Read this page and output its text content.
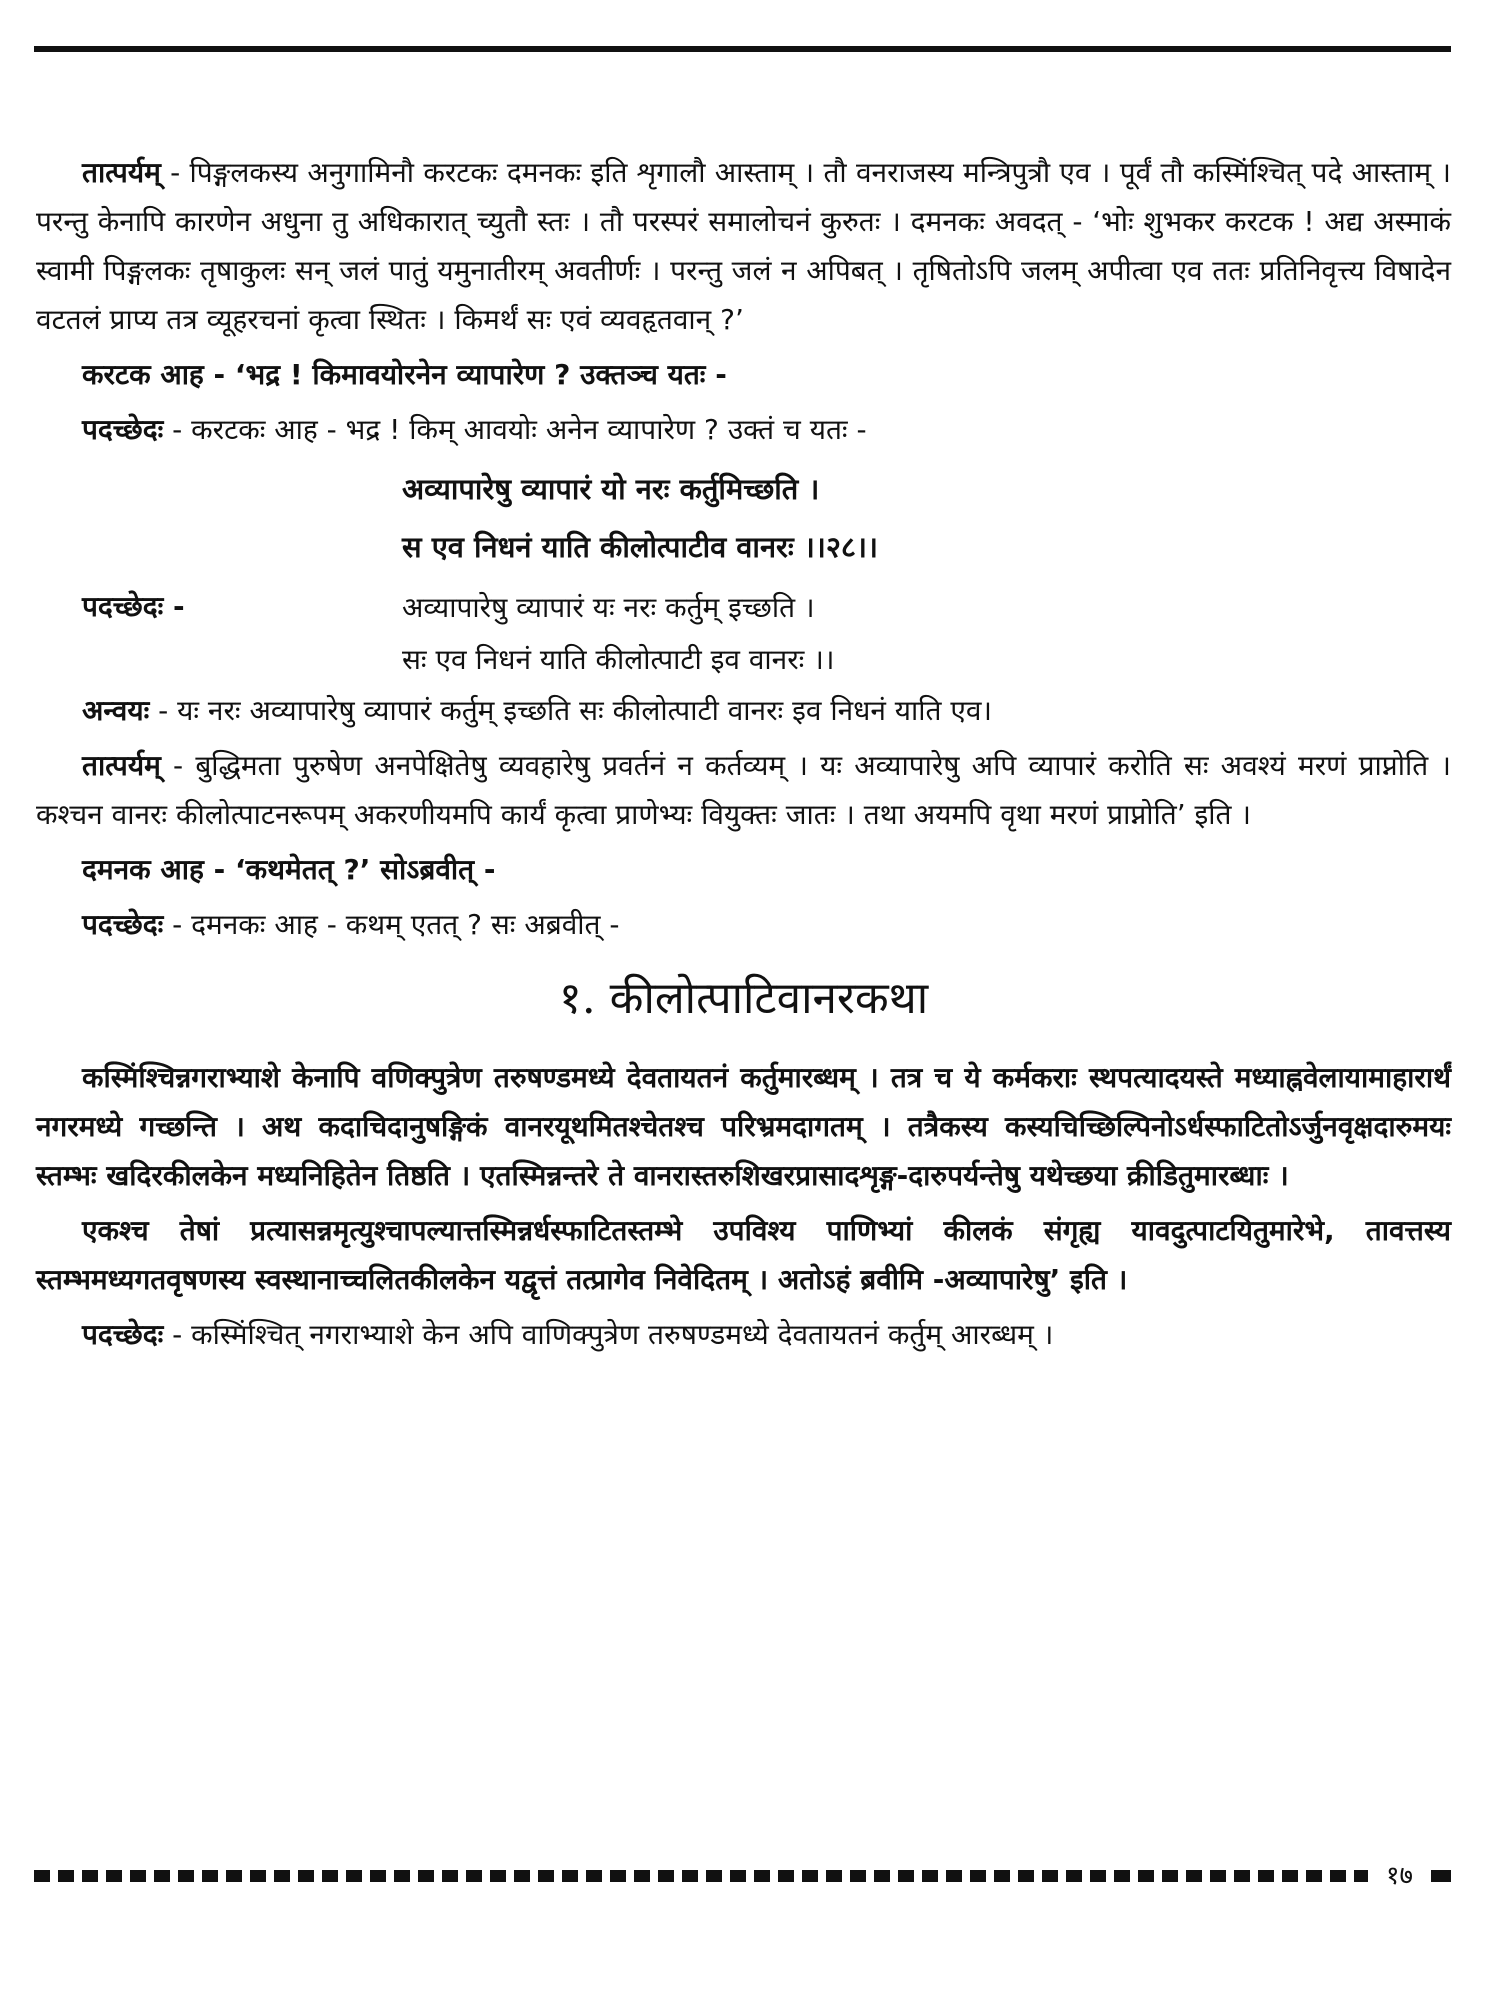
तात्पर्यम् - पिङ्गलकस्य अनुगामिनौ करटकः दमनकः इति शृगालौ आस्ताम् । तौ वनराजस्य मन्त्रिपुत्रौ एव । पूर्वं तौ कस्मिंश्चित् पदे आस्ताम् । परन्तु केनापि कारणेन अधुना तु अधिकारात् च्युतौ स्तः । तौ परस्परं समालोचनं कुरुतः । दमनकः अवदत् - ‘भोः शुभकर करटक ! अद्य अस्माकं स्वामी पिङ्गलकः तृषाकुलः सन् जलं पातुं यमुनातीरम् अवतीर्णः । परन्तु जलं न अपिबत् । तृषितोऽपि जलम् अपीत्वा एव ततः प्रतिनिवृत्त्य विषादेन वटतलं प्राप्य तत्र व्यूहरचनां कृत्वा स्थितः । किमर्थं सः एवं व्यवहृतवान् ?’

करटक आह - ‘भद्र ! किमावयोरनेन व्यापारेण ? उक्तञ्च यतः -

पदच्छेदः - करटकः आह - भद्र ! किम् आवयोः अनेन व्यापारेण ? उक्तं च यतः -

अव्यापारेषु व्यापारं यो नरः कर्तुमिच्छति ।
स एव निधनं याति कीलोत्पाटीव वानरः ।।२८।।
पदच्छेदः -	अव्यापारेषु व्यापारं यः नरः कर्तुम् इच्छति ।
सः एव निधनं याति कीलोत्पाटी इव वानरः ।।

अन्वयः - यः नरः अव्यापारेषु व्यापारं कर्तुम् इच्छति सः कीलोत्पाटी वानरः इव निधनं याति एव।

तात्पर्यम् - बुद्धिमता पुरुषेण अनपेक्षितेषु व्यवहारेषु प्रवर्तनं न कर्तव्यम् । यः अव्यापारेषु अपि व्यापारं करोति सः अवश्यं मरणं प्राप्नोति । कश्चन वानरः कीलोत्पाटनरूपम् अकरणीयमपि कार्यं कृत्वा प्राणेभ्यः वियुक्तः जातः । तथा अयमपि वृथा मरणं प्राप्नोति’ इति ।

दमनक आह - ‘कथमेतत् ?’ सोऽब्रवीत् -

पदच्छेदः - दमनकः आह - कथम् एतत् ? सः अब्रवीत् -

१. कीलोत्पाटिवानरकथा

कस्मिंश्चिन्नगराभ्याशे केनापि वणिक्पुत्रेण तरुषण्डमध्ये देवतायतनं कर्तुमारब्धम् । तत्र च ये कर्मकराः स्थपत्यादयस्ते मध्याह्नवेलायामाहारार्थं नगरमध्ये गच्छन्ति । अथ कदाचिदानुषङ्गिकं वानरयूथमितश्चेतश्च परिभ्रमदागतम् । तत्रैकस्य कस्यचिच्छिल्पिनोऽर्धस्फाटितोऽर्जुनवृक्षदारुमयः स्तम्भः खदिरकीलकेन मध्यनिहितेन तिष्ठति । एतस्मिन्नन्तरे ते वानरास्तरुशिखरप्रासादशृङ्ग-दारुपर्यन्तेषु यथेच्छया क्रीडितुमारब्धाः ।

एकश्च तेषां प्रत्यासन्नमृत्युश्चापल्यात्तस्मिन्नर्धस्फाटितस्तम्भे उपविश्य पाणिभ्यां कीलकं संगृह्य यावदुत्पाटयितुमारेभे, तावत्तस्य स्तम्भमध्यगतवृषणस्य स्वस्थानाच्चलितकीलकेन यद्वृत्तं तत्प्रागेव निवेदितम् । अतोऽहं ब्रवीमि -अव्यापारेषु’ इति ।

पदच्छेदः - कस्मिंश्चित् नगराभ्याशे केन अपि वाणिक्पुत्रेण तरुषण्डमध्ये देवतायतनं कर्तुम् आरब्धम् ।

१७
